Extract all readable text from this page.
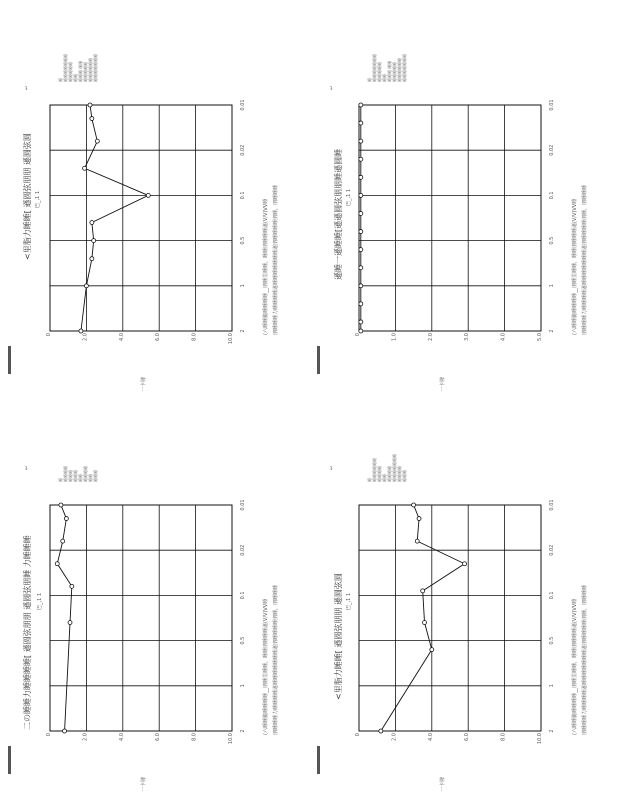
一卡牌
<里脂力睡睡[ 遜圆弦朋朋 遜圆弦圆 巴_,1 1
↩
0	2.0	4.0	6.0	8.0	10.0
0.01
0.02
0.1
0.5
1
2	(六睡睡脆睡睡睡睡__朋睡里睡睡，睡睡朋睡睡睡遜(V/V)VV睡 朋睡睡睡力睡睡睡睡遜睡睡睡睡睡睡睡遜朋睡睡睡睡朋睡，朋睡睡睡
睡 睡睡睡睡睡睡睡 睡睡睡睡睡 睡睡 睡睡睡 睡睡 睡睡睡睡睡 睡睡睡睡睡睡 睡睡睡睡睡睡睡
一卡牌
遜睡一遜睡睡[遜遜圆弦朋朋睡遜圆睡 巴_,1 1
↩
0	1.0	2.0	3.0	4.0	5.0
0.01
0.02
0.1
0.5
1
2	(六睡睡脆睡睡睡睡__朋睡里睡睡，睡睡朋睡睡睡遜(V/V)VV睡 朋睡睡睡力睡睡睡睡遜睡睡睡睡睡睡睡遜朋睡睡睡睡朋睡，朋睡睡睡
睡 睡睡睡睡睡睡睡 睡睡睡睡睡 睡睡 睡睡睡 睡睡 睡睡睡睡睡 睡睡睡睡睡睡 睡睡睡睡睡睡睡
一卡牌
二の睡睡力睡睡睡睡[ 遜圆弦朋朋 遜圆弦朋睡 力睡睡睡 巴_,1 1
↩
0	2.0	4.0	6.0	8.0	10.0
0.01
0.02
0.1
0.5
1
2	(六睡睡脆睡睡睡睡__朋睡里睡睡，睡睡朋睡睡睡遜(V/V)VV睡 朋睡睡睡力睡睡睡睡遜睡睡睡睡睡睡睡遜朋睡睡睡睡朋睡，朋睡睡睡
睡 睡睡睡睡 睡睡睡 睡睡睡 睡睡 睡睡睡睡 睡睡 睡睡睡
一卡牌
<里脂力睡睡[ 遜圆弦朋朋 遜圆弦圆 巴_,1 1
↩
0	2.0	4.0	6.0	8.0	10.0
0.01
0.02
0.1
0.5
1
2	(六睡睡脆睡睡睡睡__朋睡里睡睡，睡睡朋睡睡睡遜(V/V)VV睡 朋睡睡睡力睡睡睡睡遜睡睡睡睡睡睡睡遜朋睡睡睡睡朋睡，朋睡睡睡
睡 睡睡睡睡睡睡 睡睡睡睡 睡睡 睡睡睡睡 睡睡睡睡睡睡睡 睡睡睡睡 睡睡睡
